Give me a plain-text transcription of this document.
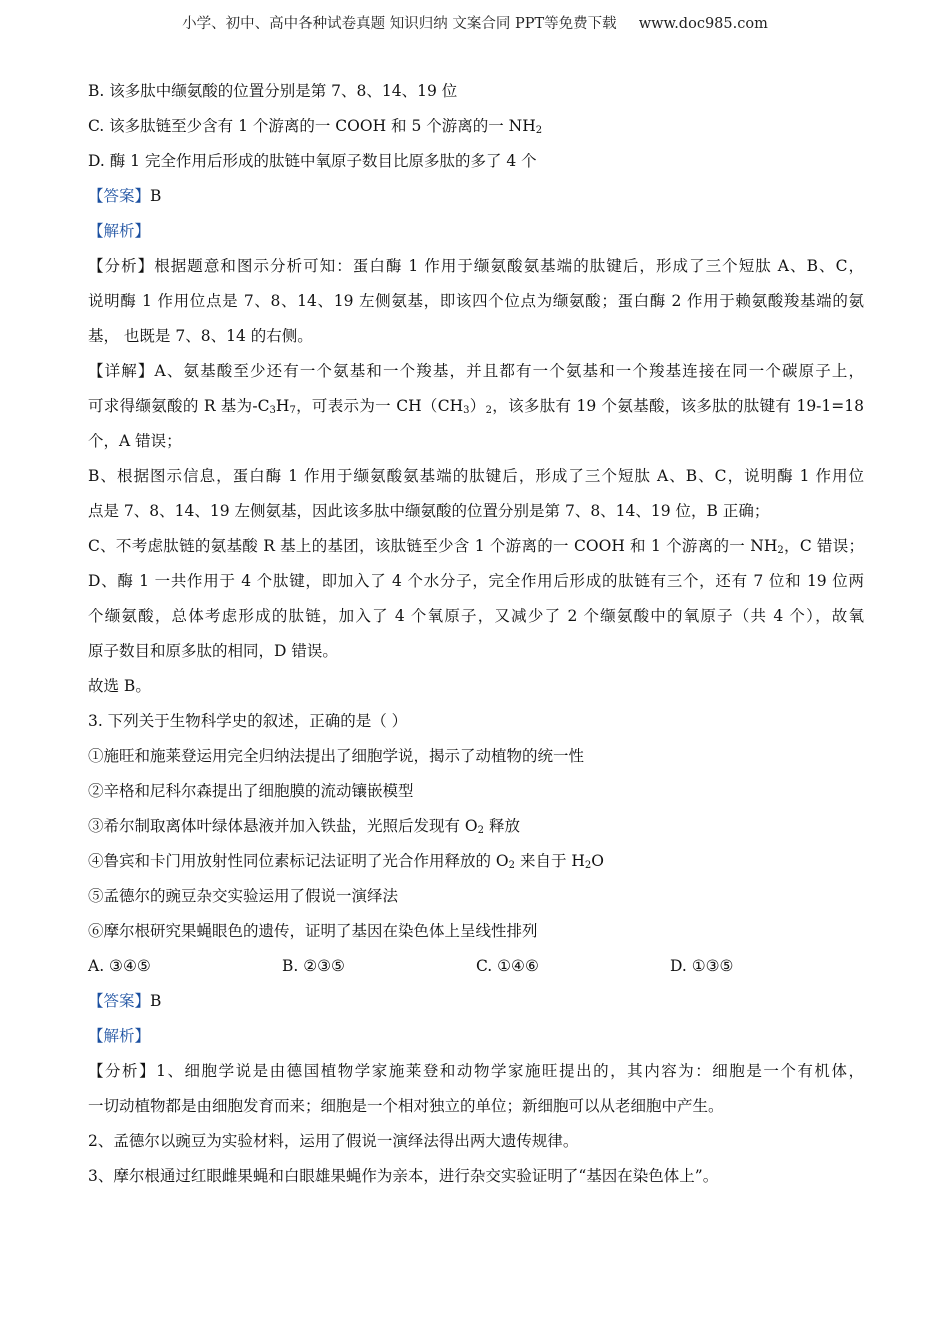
小学、初中、高中各种试卷真题 知识归纳 文案合同 PPT等免费下载 www.doc985.com
B. 该多肽中缬氨酸的位置分别是第 7、8、14、19 位
C. 该多肽链至少含有 1 个游离的一 COOH 和 5 个游离的一 $NH_2$
D. 酶 1 完全作用后形成的肽链中氧原子数目比原多肽的多了 4 个
【答案】B
【解析】
【分析】根据题意和图示分析可知：蛋白酶 1 作用于缬氨酸氨基端的肽键后，形成了三个短肽 A、B、C，
说明酶 1 作用位点是 7、8、14、19 左侧氨基，即该四个位点为缬氨酸；蛋白酶 2 作用于赖氨酸羧基端的氨
基， 也既是 7、8、14 的右侧。
【详解】A、氨基酸至少还有一个氨基和一个羧基，并且都有一个氨基和一个羧基连接在同一个碳原子上，
可求得缬氨酸的 R 基为$-C_3H_7$，可表示为一 $CH(CH_3)_2$，该多肽有 19 个氨基酸，该多肽的肽键有 19-1=18
个，A 错误；
B、根据图示信息，蛋白酶 1 作用于缬氨酸氨基端的肽键后，形成了三个短肽 A、B、C，说明酶 1 作用位
点是 7、8、14、19 左侧氨基，因此该多肽中缬氨酸的位置分别是第 7、8、14、19 位，B 正确；
C、不考虑肽链的氨基酸 R 基上的基团，该肽链至少含 1 个游离的一 COOH 和 1 个游离的一 $NH_2$，C 错误；
D、酶 1 一共作用于 4 个肽键，即加入了 4 个水分子，完全作用后形成的肽链有三个，还有 7 位和 19 位两
个缬氨酸，总体考虑形成的肽链，加入了 4 个氧原子，又减少了 2 个缬氨酸中的氧原子（共 4 个），故氧
原子数目和原多肽的相同，D 错误。
故选 B。
3. 下列关于生物科学史的叙述，正确的是（ ）
①施旺和施莱登运用完全归纳法提出了细胞学说，揭示了动植物的统一性
②辛格和尼科尔森提出了细胞膜的流动镶嵌模型
③希尔制取离体叶绿体悬液并加入铁盐，光照后发现有 $O_2$ 释放
④鲁宾和卡门用放射性同位素标记法证明了光合作用释放的 $O_2$ 来自于 $H_2O$
⑤孟德尔的豌豆杂交实验运用了假说一演绎法
⑥摩尔根研究果蝇眼色的遗传，证明了基因在染色体上呈线性排列
A. ③④⑤	B. ②③⑤	C. ①④⑥	D. ①③⑤
【答案】B
【解析】
【分析】1、细胞学说是由德国植物学家施莱登和动物学家施旺提出的，其内容为：细胞是一个有机体，
一切动植物都是由细胞发育而来；细胞是一个相对独立的单位；新细胞可以从老细胞中产生。
2、孟德尔以豌豆为实验材料，运用了假说一演绎法得出两大遗传规律。
3、摩尔根通过红眼雌果蝇和白眼雄果蝇作为亲本，进行杂交实验证明了“基因在染色体上”。
